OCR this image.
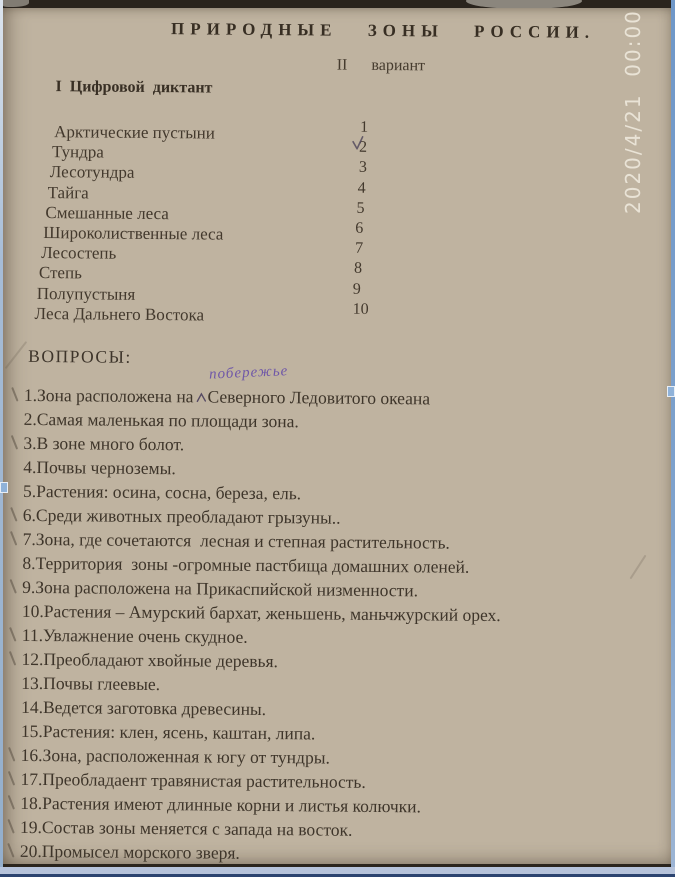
ПРИРОДНЫЕ ЗОНЫ РОССИИ.
II  вариант
I Цифровой диктант
Арктические пустыни	1
Тундра	2
Лесотундра	3
Тайга	4
Смешанные леса	5
Широколиственные леса	6
Лесостепь	7
Степь	8
Полупустыня	9
Леса Дальнего Востока	10
ВОПРОСЫ:
побережье
1.Зона расположена на Северного Ледовитого океана
2.Самая маленькая по площади зона.
3.В зоне много болот.
4.Почвы черноземы.
5.Растения: осина, сосна, береза, ель.
6.Среди животных преобладают грызуны..
7.Зона, где сочетаются  лесная и степная растительность.
8.Территория  зоны -огромные пастбища домашних оленей.
9.Зона расположена на Прикаспийской низменности.
10.Растения – Амурский бархат, женьшень, маньчжурский орех.
11.Увлажнение очень скудное.
12.Преобладают хвойные деревья.
13.Почвы глеевые.
14.Ведется заготовка древесины.
15.Растения: клен, ясень, каштан, липа.
16.Зона, расположенная к югу от тундры.
17.Преобладаент травянистая растительность.
18.Растения имеют длинные корни и листья колючки.
19.Состав зоны меняется с запада на восток.
20.Промысел морского зверя.
2020/4/21  00:00
